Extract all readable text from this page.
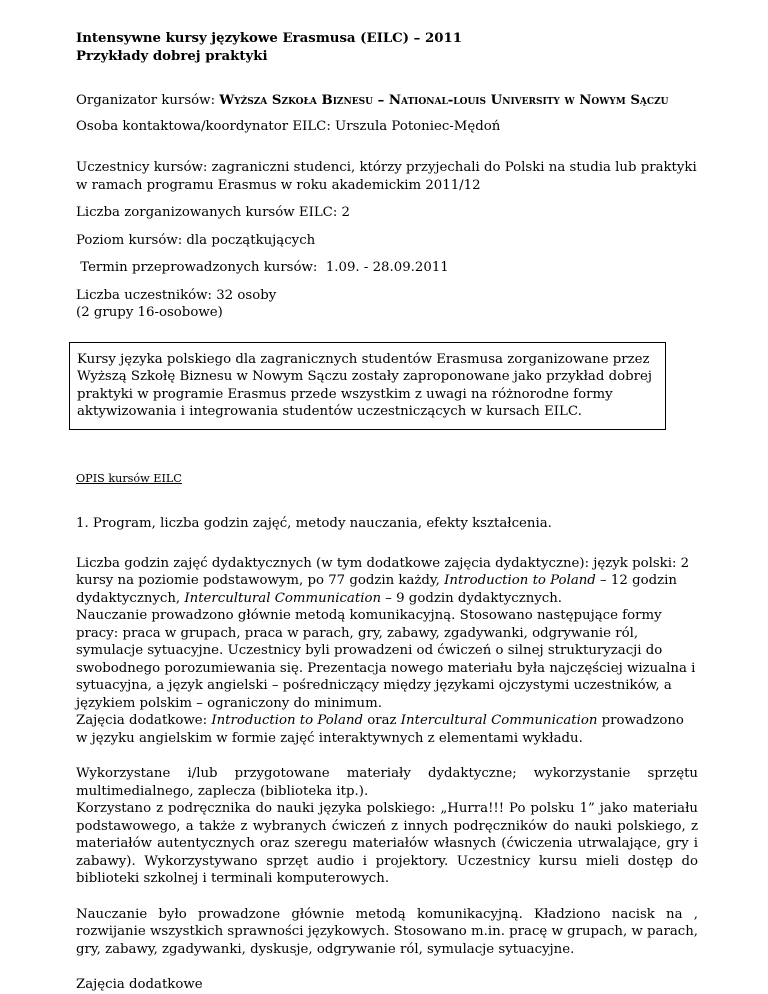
Intensywne kursy językowe Erasmusa (EILC) – 2011

Przykłady dobrej praktyki

Organizator kursów: Wyższa Szkoła Biznesu – National-louis University w Nowym Sączu

Osoba kontaktowa/koordynator EILC: Urszula Potoniec-Mędoń

Uczestnicy kursów: zagraniczni studenci, którzy przyjechali do Polski na studia lub praktyki w ramach programu Erasmus w roku akademickim 2011/12

Liczba zorganizowanych kursów EILC: 2

Poziom kursów: dla początkujących

Termin przeprowadzonych kursów:  1.09. - 28.09.2011

Liczba uczestników: 32 osoby

(2 grupy 16-osobowe)

Kursy języka polskiego dla zagranicznych studentów Erasmusa zorganizowane przez Wyższą Szkołę Biznesu w Nowym Sączu zostały zaproponowane jako przykład dobrej praktyki w programie Erasmus przede wszystkim z uwagi na różnorodne formy aktywizowania i integrowania studentów uczestniczących w kursach EILC.

OPIS kursów EILC

1. Program, liczba godzin zajęć, metody nauczania, efekty kształcenia.

Liczba godzin zajęć dydaktycznych (w tym dodatkowe zajęcia dydaktyczne): język polski: 2 kursy na poziomie podstawowym, po 77 godzin każdy, Introduction to Poland – 12 godzin dydaktycznych, Intercultural Communication – 9 godzin dydaktycznych.

Nauczanie prowadzono głównie metodą komunikacyjną. Stosowano następujące formy pracy: praca w grupach, praca w parach, gry, zabawy, zgadywanki, odgrywanie ról, symulacje sytuacyjne. Uczestnicy byli prowadzeni od ćwiczeń o silnej strukturyzacji do swobodnego porozumiewania się. Prezentacja nowego materiału była najczęściej wizualna i sytuacyjna, a język angielski – pośredniczący między językami ojczystymi uczestników, a językiem polskim – ograniczony do minimum.

Zajęcia dodatkowe: Introduction to Poland oraz Intercultural Communication prowadzono w języku angielskim w formie zajęć interaktywnych z elementami wykładu.

Wykorzystane i/lub przygotowane materiały dydaktyczne; wykorzystanie sprzętu multimedialnego, zaplecza (biblioteka itp.).

Korzystano z podręcznika do nauki języka polskiego: „Hurra!!! Po polsku 1” jako materiału podstawowego, a także z wybranych ćwiczeń z innych podręczników do nauki polskiego, z materiałów autentycznych oraz szeregu materiałów własnych (ćwiczenia utrwalające, gry i zabawy). Wykorzystywano sprzęt audio i projektory. Uczestnicy kursu mieli dostęp do biblioteki szkolnej i terminali komputerowych.

Nauczanie było prowadzone głównie metodą komunikacyjną. Kładziono nacisk na , rozwijanie wszystkich sprawności językowych. Stosowano m.in. pracę w grupach, w parach, gry, zabawy, zgadywanki, dyskusje, odgrywanie ról, symulacje sytuacyjne.

Zajęcia dodatkowe
